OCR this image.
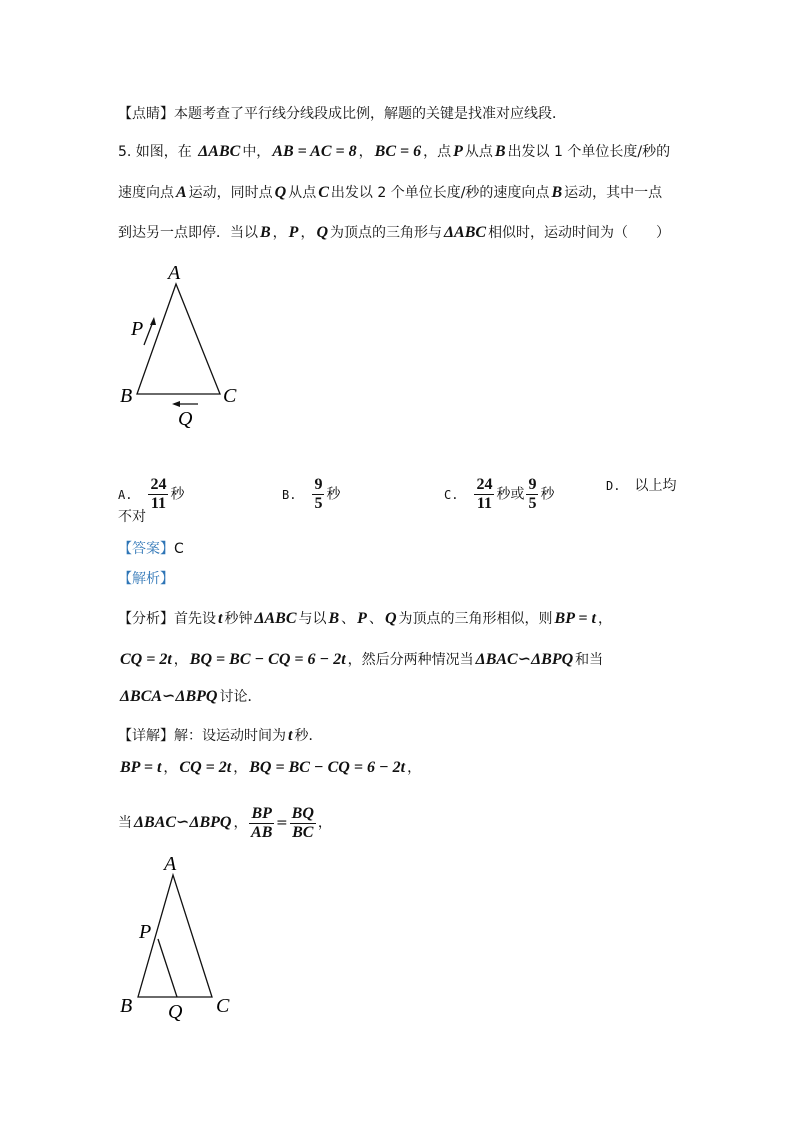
【点睛】本题考查了平行线分线段成比例，解题的关键是找准对应线段．
5. 如图，在 ΔABC 中， AB = AC = 8 ， BC = 6 ，点 P 从点 B 出发以 1 个单位长度/秒的
速度向点 A 运动，同时点 Q 从点 C 出发以 2 个单位长度/秒的速度向点 B 运动，其中一点
到达另一点即停．当以 B ， P ， Q 为顶点的三角形与 ΔABC 相似时，运动时间为（　　）
A
B	C
P
Q
A. $\frac{24}{11}$ 秒	B. $\frac{9}{5}$ 秒	C. $\frac{24}{11}$ 秒或 $\frac{9}{5}$ 秒
D. 以上均
不对
【答案】C
【解析】
【分析】首先设 t 秒钟 ΔABC 与以 B 、 P 、 Q 为顶点的三角形相似，则 BP = t ，
CQ = 2t ， BQ = BC − CQ = 6 − 2t ，然后分两种情况当 ΔBAC∽ΔBPQ 和当
ΔBCA∽ΔBPQ 讨论．
【详解】解：设运动时间为 t 秒．
BP = t ， CQ = 2t ， BQ = BC − CQ = 6 − 2t ，
当 ΔBAC∽ΔBPQ ， $\frac{BP}{AB} = \frac{BQ}{BC}$ ，
A
B	C
P
Q
